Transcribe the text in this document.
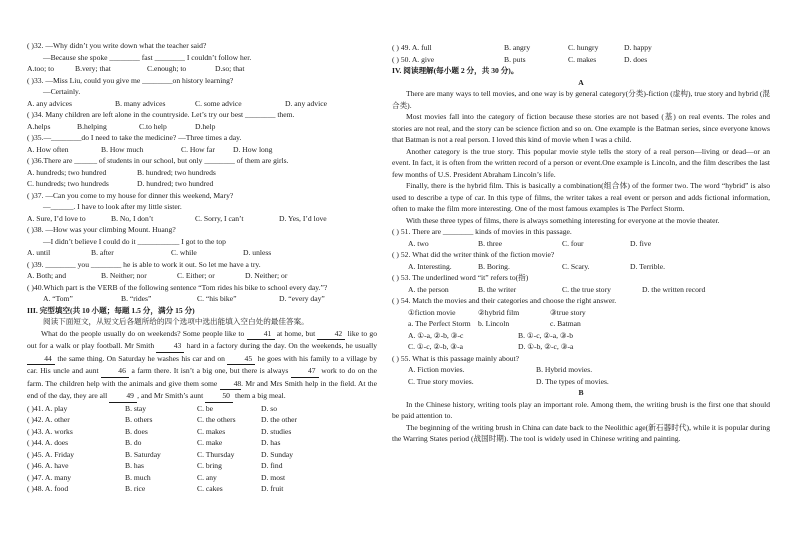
( )32. —Why didn’t you write down what the teacher said?
—Because she spoke ________ fast ________ I couldn’t follow her.
A.too; to	B.very; that	C.enough; to	D.so; that
( )33. —Miss Liu, could you give me ________on history learning?
—Certainly.
A. any advices	B. many advices	C. some advice	D. any advice
( )34. Many children are left alone in the countryside. Let’s try our best ________ them.
A.helps	B.helping	C.to help	D.help
( )35.—________do I need to take the medicine? —Three times a day.
A. How often	B. How much	C. How far	D. How long
( )36.There are ______ of students in our school, but only ________ of them are girls.
A. hundreds; two hundred	B. hundred; two hundreds
C. hundreds; two hundreds	D. hundred; two hundred
( )37. —Can you come to my house for dinner this weekend, Mary?
—______. I have to look after my little sister.
A. Sure, I’d love to	B. No, I don’t	C. Sorry, I can’t	D. Yes, I’d love
( )38. —How was your climbing Mount. Huang?
—I didn’t believe I could do it ___________ I got to the top
A. until	B. after	C. while	D. unless
( )39. ________ you ________ he is able to work it out. So let me have a try.
A. Both; and	B. Neither; nor	C. Either; or	D. Neither; or
( )40.Which part is the VERB of the following sentence “Tom rides his bike to school every day.”?
A. “Tom”	B. “rides”	C. “his bike”	D. “every day”
III. 完型填空(共 10 小题；每题 1.5 分，满分 15 分)
阅读下面短文，从短文后各题所给的四个选项中选出能填入空白处的最佳答案。
What do the people usually do on weekends? Some people like to	41 at home, but	42 like to go out for a walk or play football. Mr Smith	43 hard in a factory during the day. On the weekends, he usually 44 the same thing. On Saturday he washes his car and on	45 he goes with his family to a village by car. His uncle and aunt	46 a farm there. It isn’t a big one, but there is always	47 work to do on the farm. The children help with the animals and give them some 48. Mr and Mrs Smith help in the field. At the end of the day, they are all	49 , and Mr Smith’s aunt	50 them a big meal.
( )41. A. play	B. stay	C. be	D. so
( )42. A. other	B. others	C. the others	D. the other
( )43. A. works	B. does	C. makes	D. studies
( )44. A. does	B. do	C. make	D. has
( )45. A. Friday	B. Saturday	C. Thursday	D. Sunday
( )46. A. have	B. has	C. bring	D. find
( )47. A. many	B. much	C. any	D. most
( )48. A. food	B. rice	C. cakes	D. fruit
( ) 49. A. full	B. angry	C. hungry	D. happy
( ) 50. A. give	B. puts	C. makes	D. does
IV. 阅读理解(每小题 2 分，共 30 分)。
A
There are many ways to tell movies, and one way is by general category(分类)-fiction (虚构), true story and hybrid (混合类).
Most movies fall into the category of fiction because these stories are not based (基) on real events. The roles and stories are not real, and the story can be science fiction and so on. One example is the Batman series, since everyone knows that Batman is not a real person. I loved this kind of movie when I was a child.
Another category is the true story. This popular movie style tells the story of a real person—living or dead—or an event. In fact, it is often from the written record of a person or event.One example is Lincoln, and the film describes the last few months of U.S. President Abraham Lincoln’s life.
Finally, there is the hybrid film. This is basically a combination(组合体) of the former two. The word “hybrid” is also used to describe a type of car. In this type of films, the writer takes a real event or person and adds fictional information, often to make the film more interesting. One of the most famous examples is The Perfect Storm.
With these three types of films, there is always something interesting for everyone at the movie theater.
( ) 51. There are ________ kinds of movies in this passage.
A. two	B. three	C. four	D. five
( ) 52. What did the writer think of the fiction movie?
A. Interesting.	B. Boring.	C. Scary.	D. Terrible.
( ) 53. The underlined word “it” refers to(指)
A. the person	B. the writer	C. the true story	D. the written record
( ) 54. Match the movies and their categories and choose the right answer.
①fiction movie	②hybrid film	③true story
a. The Perfect Storm b. Lincoln	c. Batman
A. ①-a, ②-b, ③-c	B. ①-c, ②-a, ③-b
C. ①-c, ②-b, ③-a	D. ①-b, ②-c, ③-a
( ) 55. What is this passage mainly about?
A. Fiction movies.	B. Hybrid movies.
C. True story movies.	D. The types of movies.
B
In the Chinese history, writing tools play an important role. Among them, the writing brush is the first one that should be paid attention to.
The beginning of the writing brush in China can date back to the Neolithic age(新石器时代), while it is popular during the Warring States period (战国时期). The tool is widely used in Chinese writing and painting.
